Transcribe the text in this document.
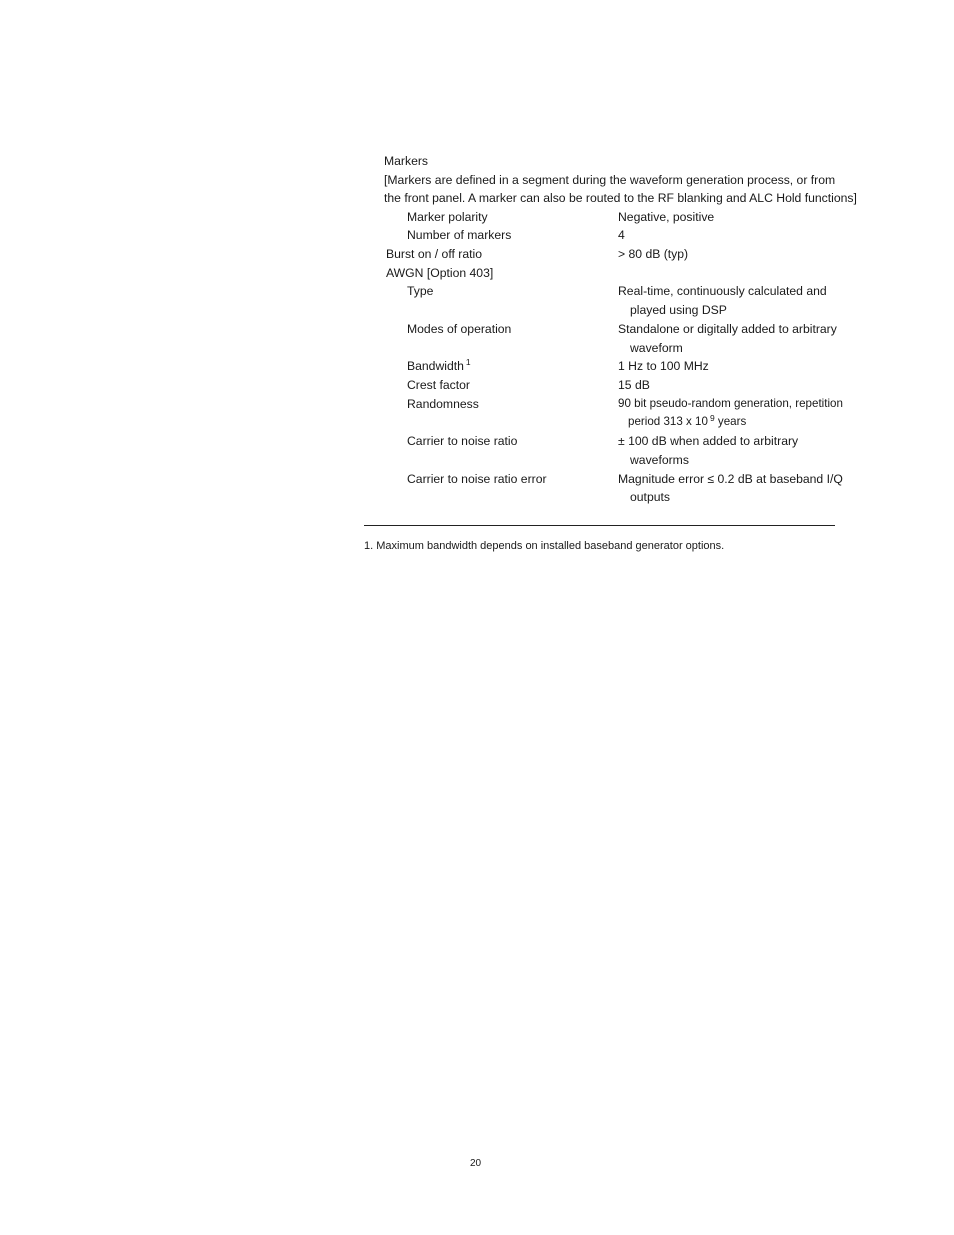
Markers
[Markers are defined in a segment during the waveform generation process, or from
the front panel. A marker can also be routed to the RF blanking and ALC Hold functions]
Marker polarity	Negative, positive
Number of markers	4
Burst on / off ratio	> 80 dB (typ)
AWGN [Option 403]
Type	Real-time, continuously calculated and
played using DSP
Modes of operation	Standalone or digitally added to arbitrary
waveform
Bandwidth $^1$	1 Hz to 100 MHz
Crest factor	15 dB
Randomness	90 bit pseudo-random generation, repetition
period 313 x 10 $^9$ years
Carrier to noise ratio	± 100 dB when added to arbitrary
waveforms
Carrier to noise ratio error	Magnitude error ≤ 0.2 dB at baseband I/Q
outputs
1. Maximum bandwidth depends on installed baseband generator options.
20
